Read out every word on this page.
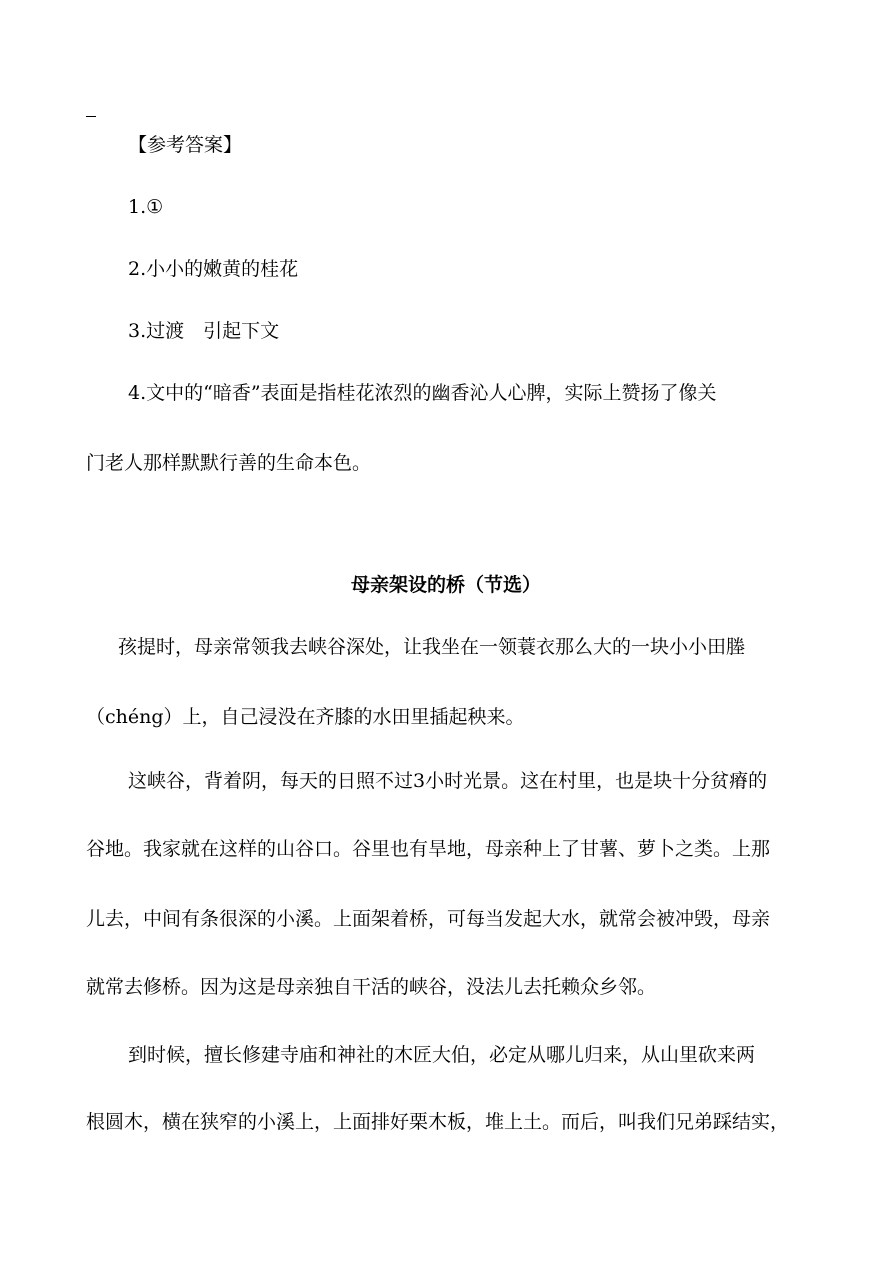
【参考答案】
1.①
2.小小的嫩黄的桂花
3.过渡　引起下文
4.文中的“暗香”表面是指桂花浓烈的幽香沁人心脾，实际上赞扬了像关
门老人那样默默行善的生命本色。
母亲架设的桥（节选）
孩提时，母亲常领我去峡谷深处，让我坐在一领蓑衣那么大的一块小小田塍
（chéng）上，自己浸没在齐膝的水田里插起秧来。
这峡谷，背着阴，每天的日照不过3小时光景。这在村里，也是块十分贫瘠的
谷地。我家就在这样的山谷口。谷里也有旱地，母亲种上了甘薯、萝卜之类。上那
儿去，中间有条很深的小溪。上面架着桥，可每当发起大水，就常会被冲毁，母亲
就常去修桥。因为这是母亲独自干活的峡谷，没法儿去托赖众乡邻。
到时候，擅长修建寺庙和神社的木匠大伯，必定从哪儿归来，从山里砍来两
根圆木，横在狭窄的小溪上，上面排好栗木板，堆上土。而后，叫我们兄弟踩结实，
